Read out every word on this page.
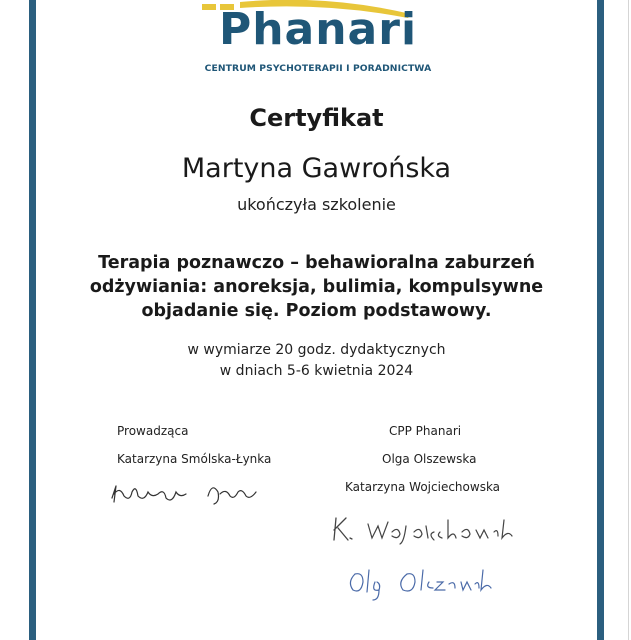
Phanari
CENTRUM PSYCHOTERAPII I PORADNICTWA
Certyfikat
Martyna Gawrońska
ukończyła szkolenie
Terapia poznawczo – behawioralna zaburzeń
odżywiania: anoreksja, bulimia, kompulsywne
objadanie się. Poziom podstawowy.
w wymiarze 20 godz. dydaktycznych
w dniach 5-6 kwietnia 2024
Prowadząca
Katarzyna Smólska-Łynka
CPP Phanari
Olga Olszewska
Katarzyna Wojciechowska
